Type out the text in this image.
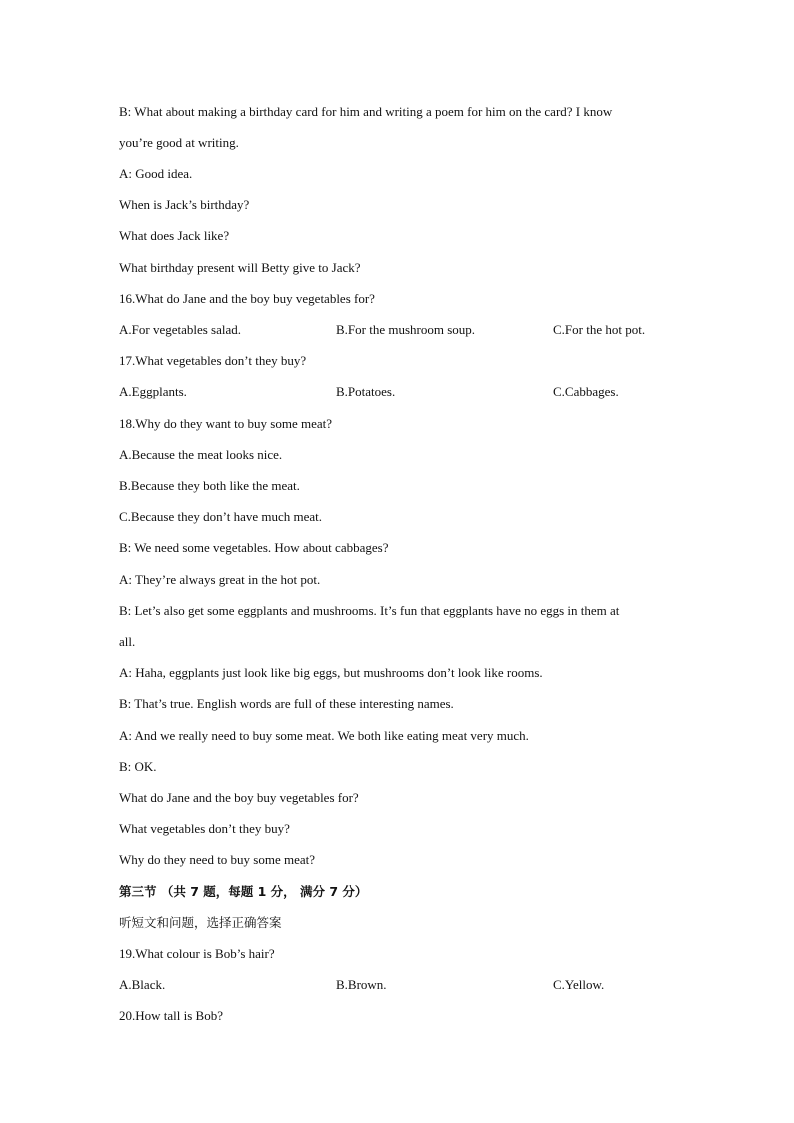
B: What about making a birthday card for him and writing a poem for him on the card? I know
you’re good at writing.
A: Good idea.
When is Jack’s birthday?
What does Jack like?
What birthday present will Betty give to Jack?
16.What do Jane and the boy buy vegetables for?
A.For vegetables salad.	B.For the mushroom soup.	C.For the hot pot.
17.What vegetables don’t they buy?
A.Eggplants.	B.Potatoes.	C.Cabbages.
18.Why do they want to buy some meat?
A.Because the meat looks nice.
B.Because they both like the meat.
C.Because they don’t have much meat.
B: We need some vegetables. How about cabbages?
A: They’re always great in the hot pot.
B: Let’s also get some eggplants and mushrooms. It’s fun that eggplants have no eggs in them at
all.
A: Haha, eggplants just look like big eggs, but mushrooms don’t look like rooms.
B: That’s true. English words are full of these interesting names.
A: And we really need to buy some meat. We both like eating meat very much.
B: OK.
What do Jane and the boy buy vegetables for?
What vegetables don’t they buy?
Why do they need to buy some meat?
第三节 （共 7 题，每题 1 分， 满分 7 分）
听短文和问题，选择正确答案
19.What colour is Bob’s hair?
A.Black.	B.Brown.	C.Yellow.
20.How tall is Bob?
